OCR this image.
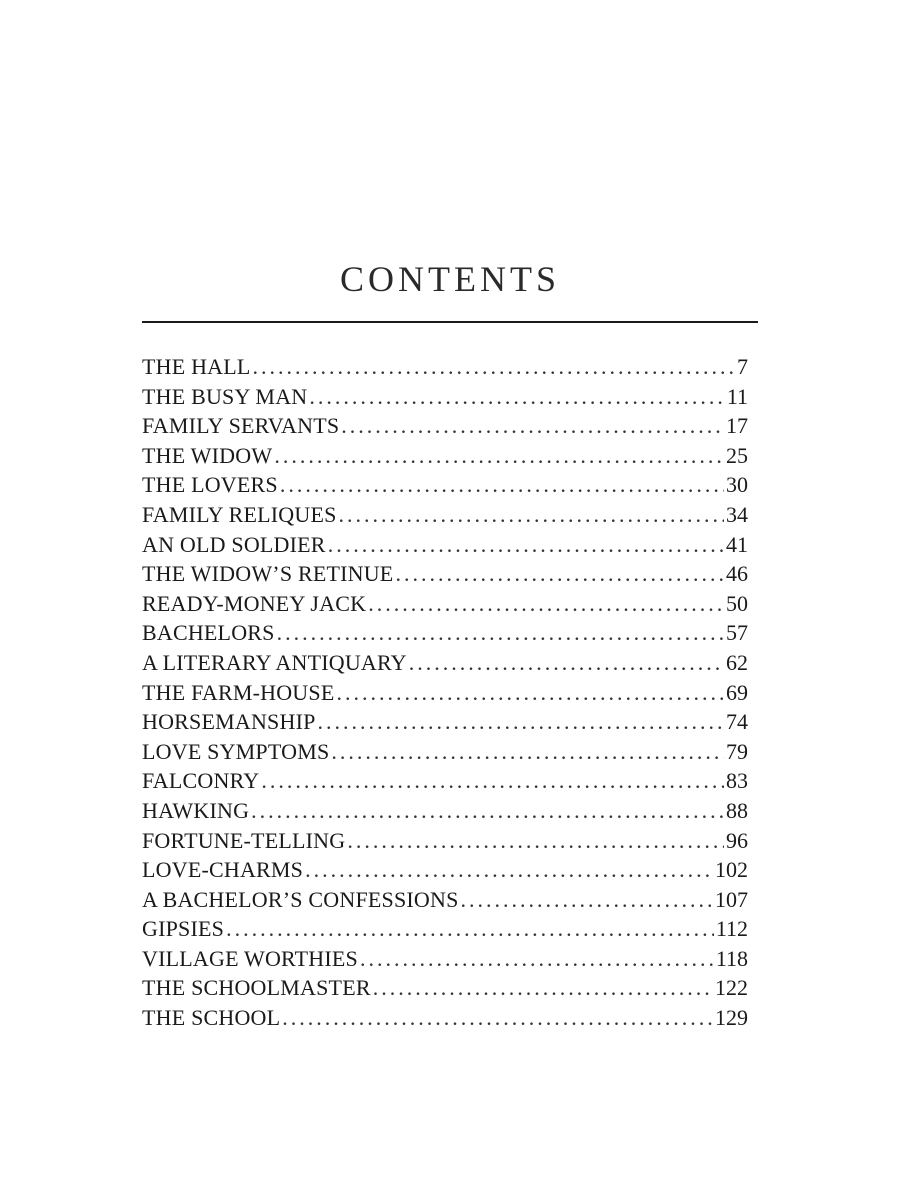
CONTENTS
THE HALL .....	7
THE BUSY MAN .....	11
FAMILY SERVANTS .....	17
THE WIDOW .....	25
THE LOVERS .....	30
FAMILY RELIQUES .....	34
AN OLD SOLDIER .....	41
THE WIDOW’S RETINUE .....	46
READY-MONEY JACK .....	50
BACHELORS .....	57
A LITERARY ANTIQUARY .....	62
THE FARM-HOUSE .....	69
HORSEMANSHIP .....	74
LOVE SYMPTOMS .....	79
FALCONRY .....	83
HAWKING .....	88
FORTUNE-TELLING .....	96
LOVE-CHARMS .....	102
A BACHELOR’S CONFESSIONS .....	107
GIPSIES .....	112
VILLAGE WORTHIES .....	118
THE SCHOOLMASTER .....	122
THE SCHOOL .....	129
